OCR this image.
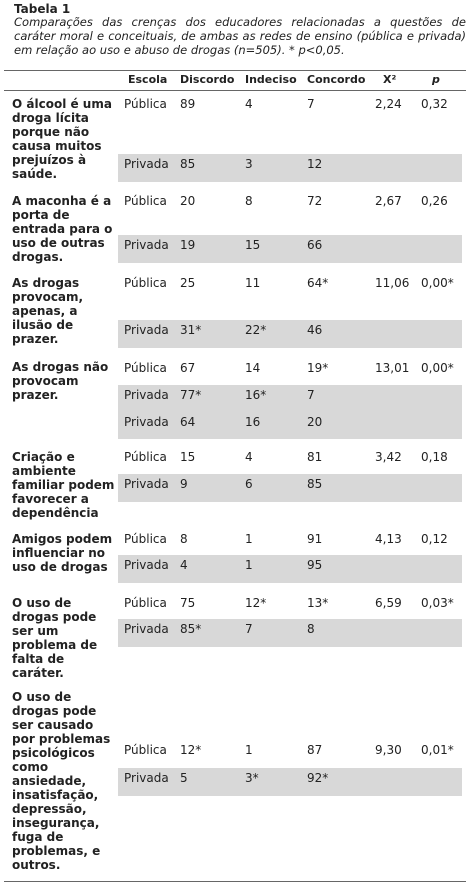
Tabela 1
Comparações das crenças dos educadores relacionadas a questões de caráter moral e conceituais, de ambas as redes de ensino (pública e privada) em relação ao uso e abuso de drogas (n=505). * p<0,05.
Escola Discordo Indeciso Concordo X²	p
O álcool é uma droga lícita porque não causa muitos prejuízos à saúde.
Pública 89	4	7	2,24 0,32
Privada 85	3	12
A maconha é a porta de entrada para o uso de outras drogas.
Pública 20	8	72	2,67 0,26
Privada 19	15	66
As drogas provocam, apenas, a ilusão de prazer.
Pública 25	11	64*	11,06 0,00*
Privada 31*	22*	46
As drogas não provocam prazer.
Pública 67	14	19*	13,01 0,00*
Privada 77*	16*	7
Privada 64	16	20
Criação e ambiente familiar podem favorecer a dependência
Pública 15	4	81	3,42 0,18
Privada 9	6	85
Amigos podem influenciar no uso de drogas
Pública 8	1	91	4,13 0,12
Privada 4	1	95
O uso de drogas pode ser um problema de falta de caráter.
Pública 75	12*	13*	6,59 0,03*
Privada 85*	7	8
O uso de drogas pode ser causado por problemas psicológicos como ansiedade, insatisfação, depressão, insegurança, fuga de problemas, e outros.
Pública 12*	1	87	9,30 0,01*
Privada 5	3*	92*
